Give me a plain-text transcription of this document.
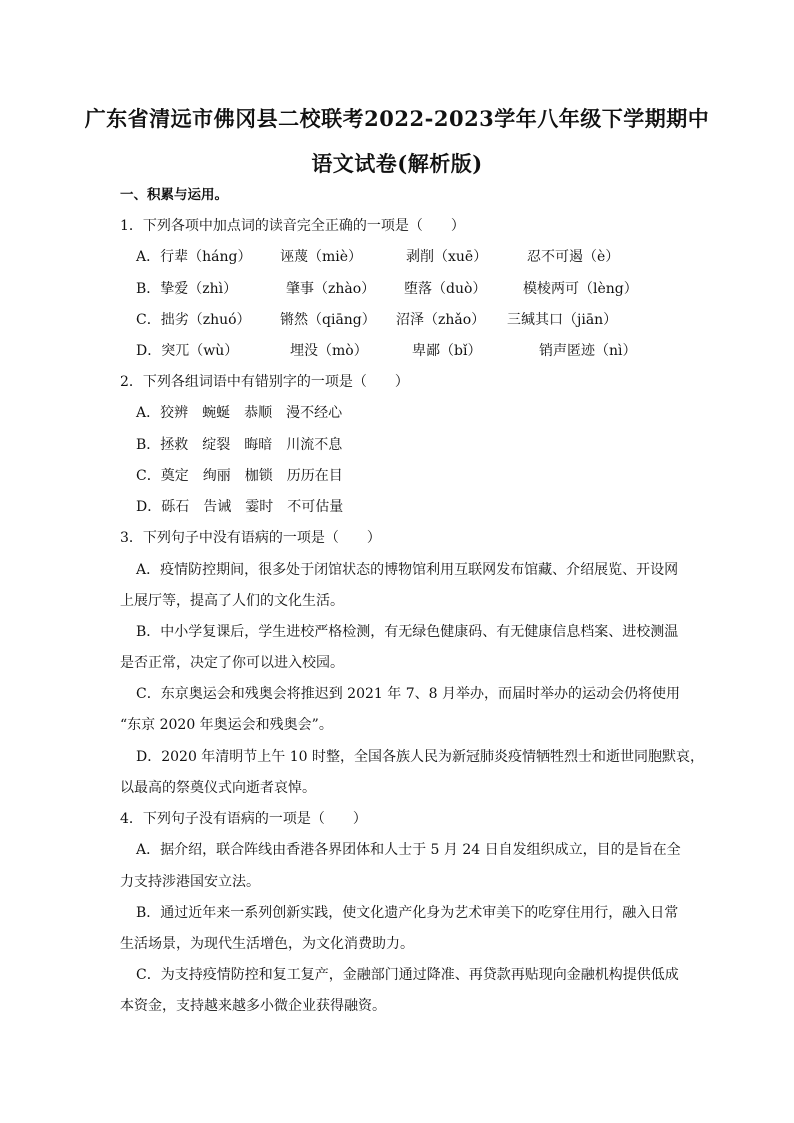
广东省清远市佛冈县二校联考2022-2023学年八年级下学期期中
语文试卷(解析版)
一、积累与运用。
1．下列各项中加点词的读音完全正确的一项是（　　）
A．行辈（háng） 诬蔑（miè）	剥削（xuē）	忍不可遏（è）
B．挚爱（zhì）	肇事（zhào） 堕落（duò）	模棱两可（lèng）
C．拙劣（zhuó） 锵然（qiāng） 沼泽（zhǎo） 三缄其口（jiān）
D．突兀（wù）	埋没（mò）	卑鄙（bǐ）	销声匿迹（nì）
2．下列各组词语中有错别字的一项是（　　）
A．狡辨　蜿蜒　恭顺　漫不经心
B．拯救　绽裂　晦暗　川流不息
C．奠定　绚丽　枷锁　历历在目
D．砾石　告诫　霎时　不可估量
3．下列句子中没有语病的一项是（　　）
A．疫情防控期间，很多处于闭馆状态的博物馆利用互联网发布馆藏、介绍展览、开设网
上展厅等，提高了人们的文化生活。
B．中小学复课后，学生进校严格检测，有无绿色健康码、有无健康信息档案、进校测温
是否正常，决定了你可以进入校园。
C．东京奥运会和残奥会将推迟到 2021 年 7、8 月举办，而届时举办的运动会仍将使用
“东京 2020 年奥运会和残奥会”。
D．2020 年清明节上午 10 时整，全国各族人民为新冠肺炎疫情牺牲烈士和逝世同胞默哀，
以最高的祭奠仪式向逝者哀悼。
4．下列句子没有语病的一项是（　　）
A．据介绍，联合阵线由香港各界团体和人士于 5 月 24 日自发组织成立，目的是旨在全
力支持涉港国安立法。
B．通过近年来一系列创新实践，使文化遗产化身为艺术审美下的吃穿住用行，融入日常
生活场景，为现代生活增色，为文化消费助力。
C．为支持疫情防控和复工复产，金融部门通过降准、再贷款再贴现向金融机构提供低成
本资金，支持越来越多小微企业获得融资。
